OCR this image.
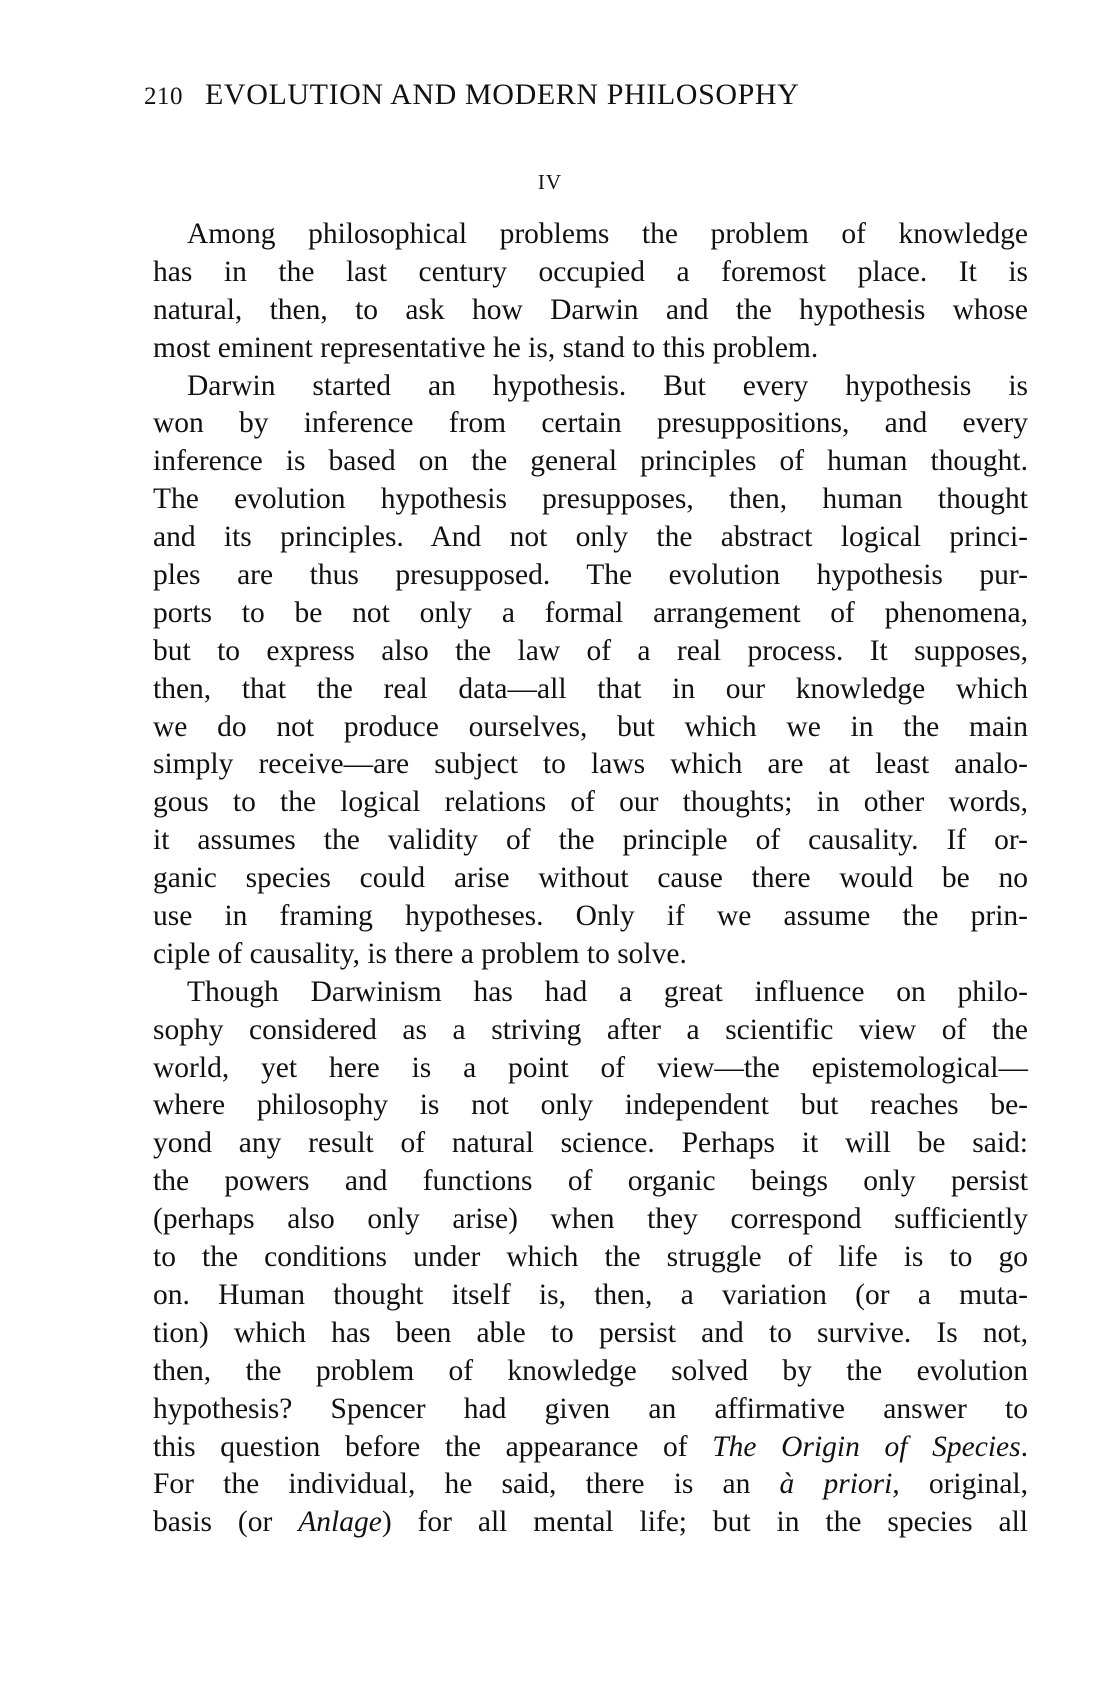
210 EVOLUTION AND MODERN PHILOSOPHY
IV
Among philosophical problems the problem of knowledge
has in the last century occupied a foremost place. It is
natural, then, to ask how Darwin and the hypothesis whose
most eminent representative he is, stand to this problem.
Darwin started an hypothesis. But every hypothesis is
won by inference from certain presuppositions, and every
inference is based on the general principles of human thought.
The evolution hypothesis presupposes, then, human thought
and its principles. And not only the abstract logical princi-
ples are thus presupposed. The evolution hypothesis pur-
ports to be not only a formal arrangement of phenomena,
but to express also the law of a real process. It supposes,
then, that the real data—all that in our knowledge which
we do not produce ourselves, but which we in the main
simply receive—are subject to laws which are at least analo-
gous to the logical relations of our thoughts; in other words,
it assumes the validity of the principle of causality. If or-
ganic species could arise without cause there would be no
use in framing hypotheses. Only if we assume the prin-
ciple of causality, is there a problem to solve.
Though Darwinism has had a great influence on philo-
sophy considered as a striving after a scientific view of the
world, yet here is a point of view—the epistemological—
where philosophy is not only independent but reaches be-
yond any result of natural science. Perhaps it will be said:
the powers and functions of organic beings only persist
(perhaps also only arise) when they correspond sufficiently
to the conditions under which the struggle of life is to go
on. Human thought itself is, then, a variation (or a muta-
tion) which has been able to persist and to survive. Is not,
then, the problem of knowledge solved by the evolution
hypothesis? Spencer had given an affirmative answer to
this question before the appearance of The Origin of Species.
For the individual, he said, there is an à priori, original,
basis (or Anlage) for all mental life; but in the species all
